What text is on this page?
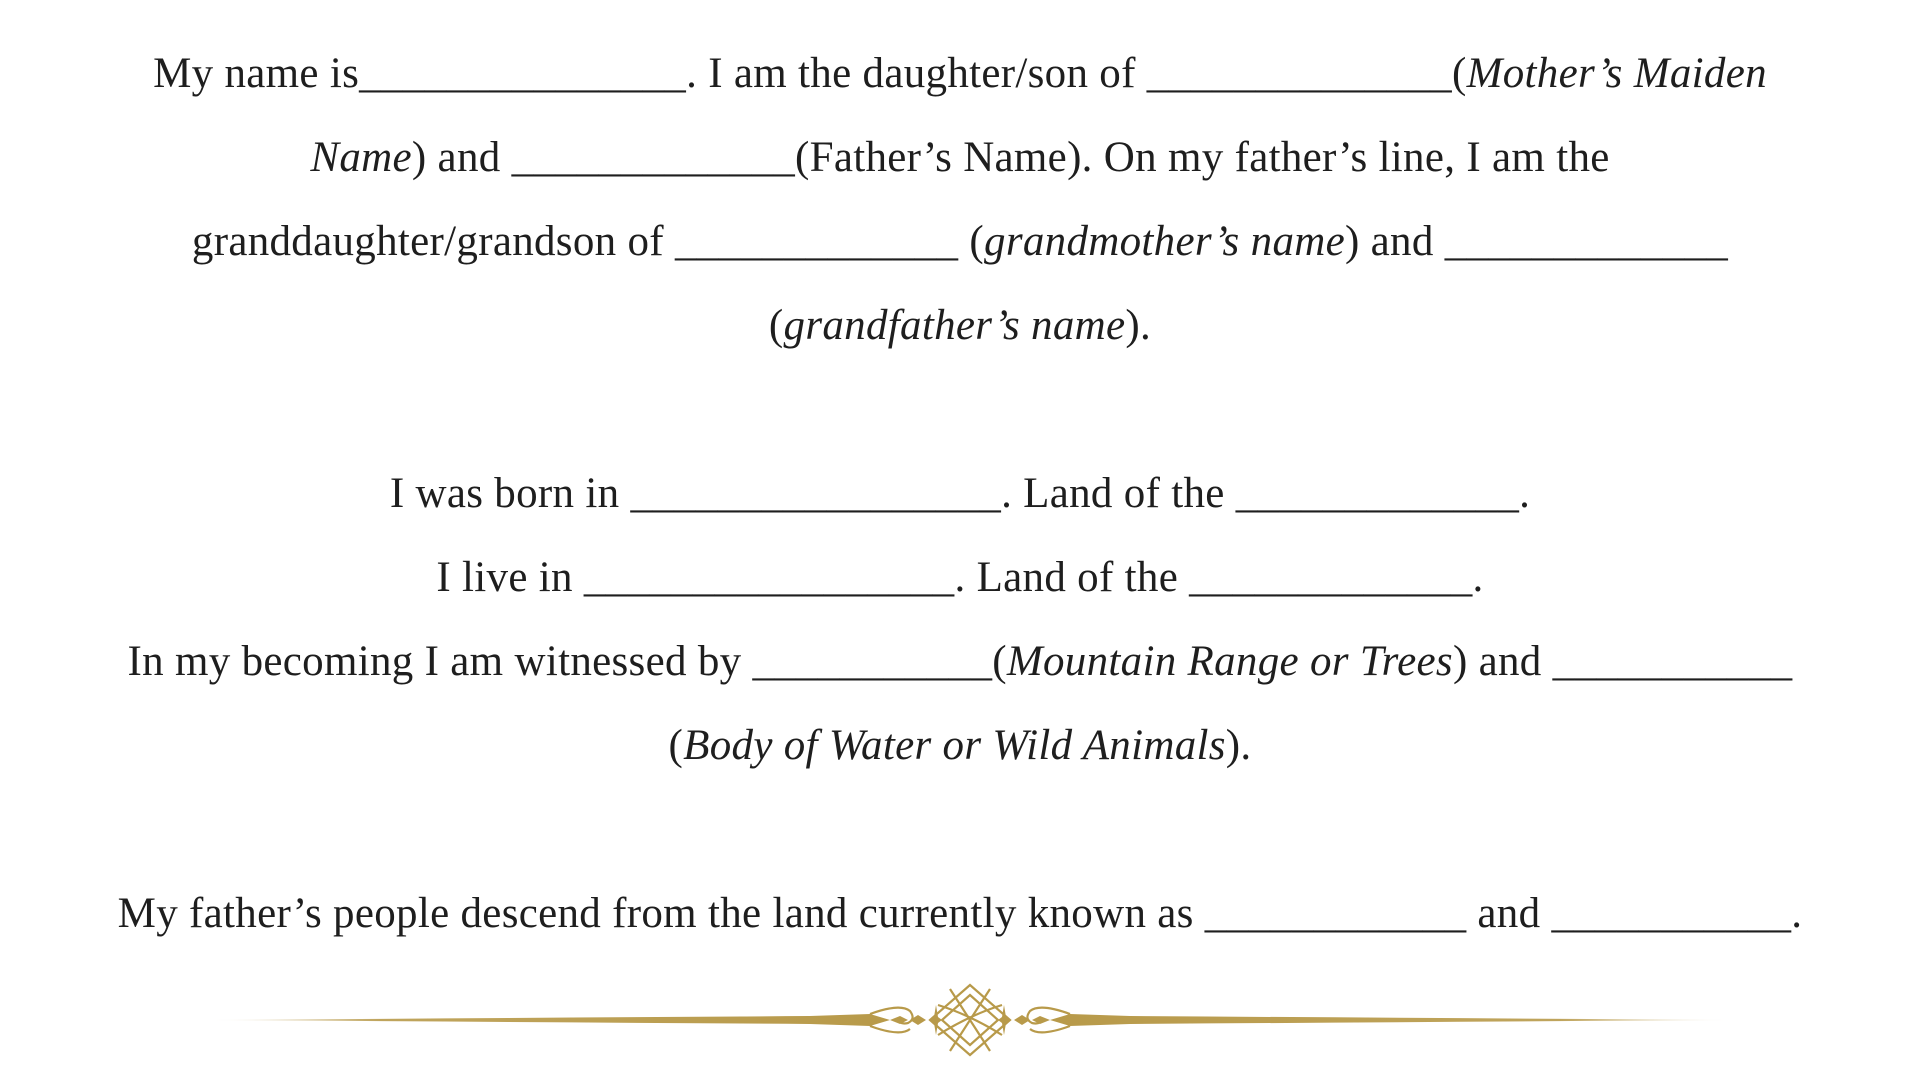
My name is_______________. I am the daughter/son of ______________(Mother’s Maiden
Name) and _____________(Father’s Name). On my father’s line, I am the
granddaughter/grandson of _____________ (grandmother’s name) and _____________
(grandfather’s name).
I was born in _________________. Land of the _____________.
I live in _________________. Land of the _____________.
In my becoming I am witnessed by ___________(Mountain Range or Trees) and ___________
(Body of Water or Wild Animals).
My father’s people descend from the land currently known as ____________ and ___________.
